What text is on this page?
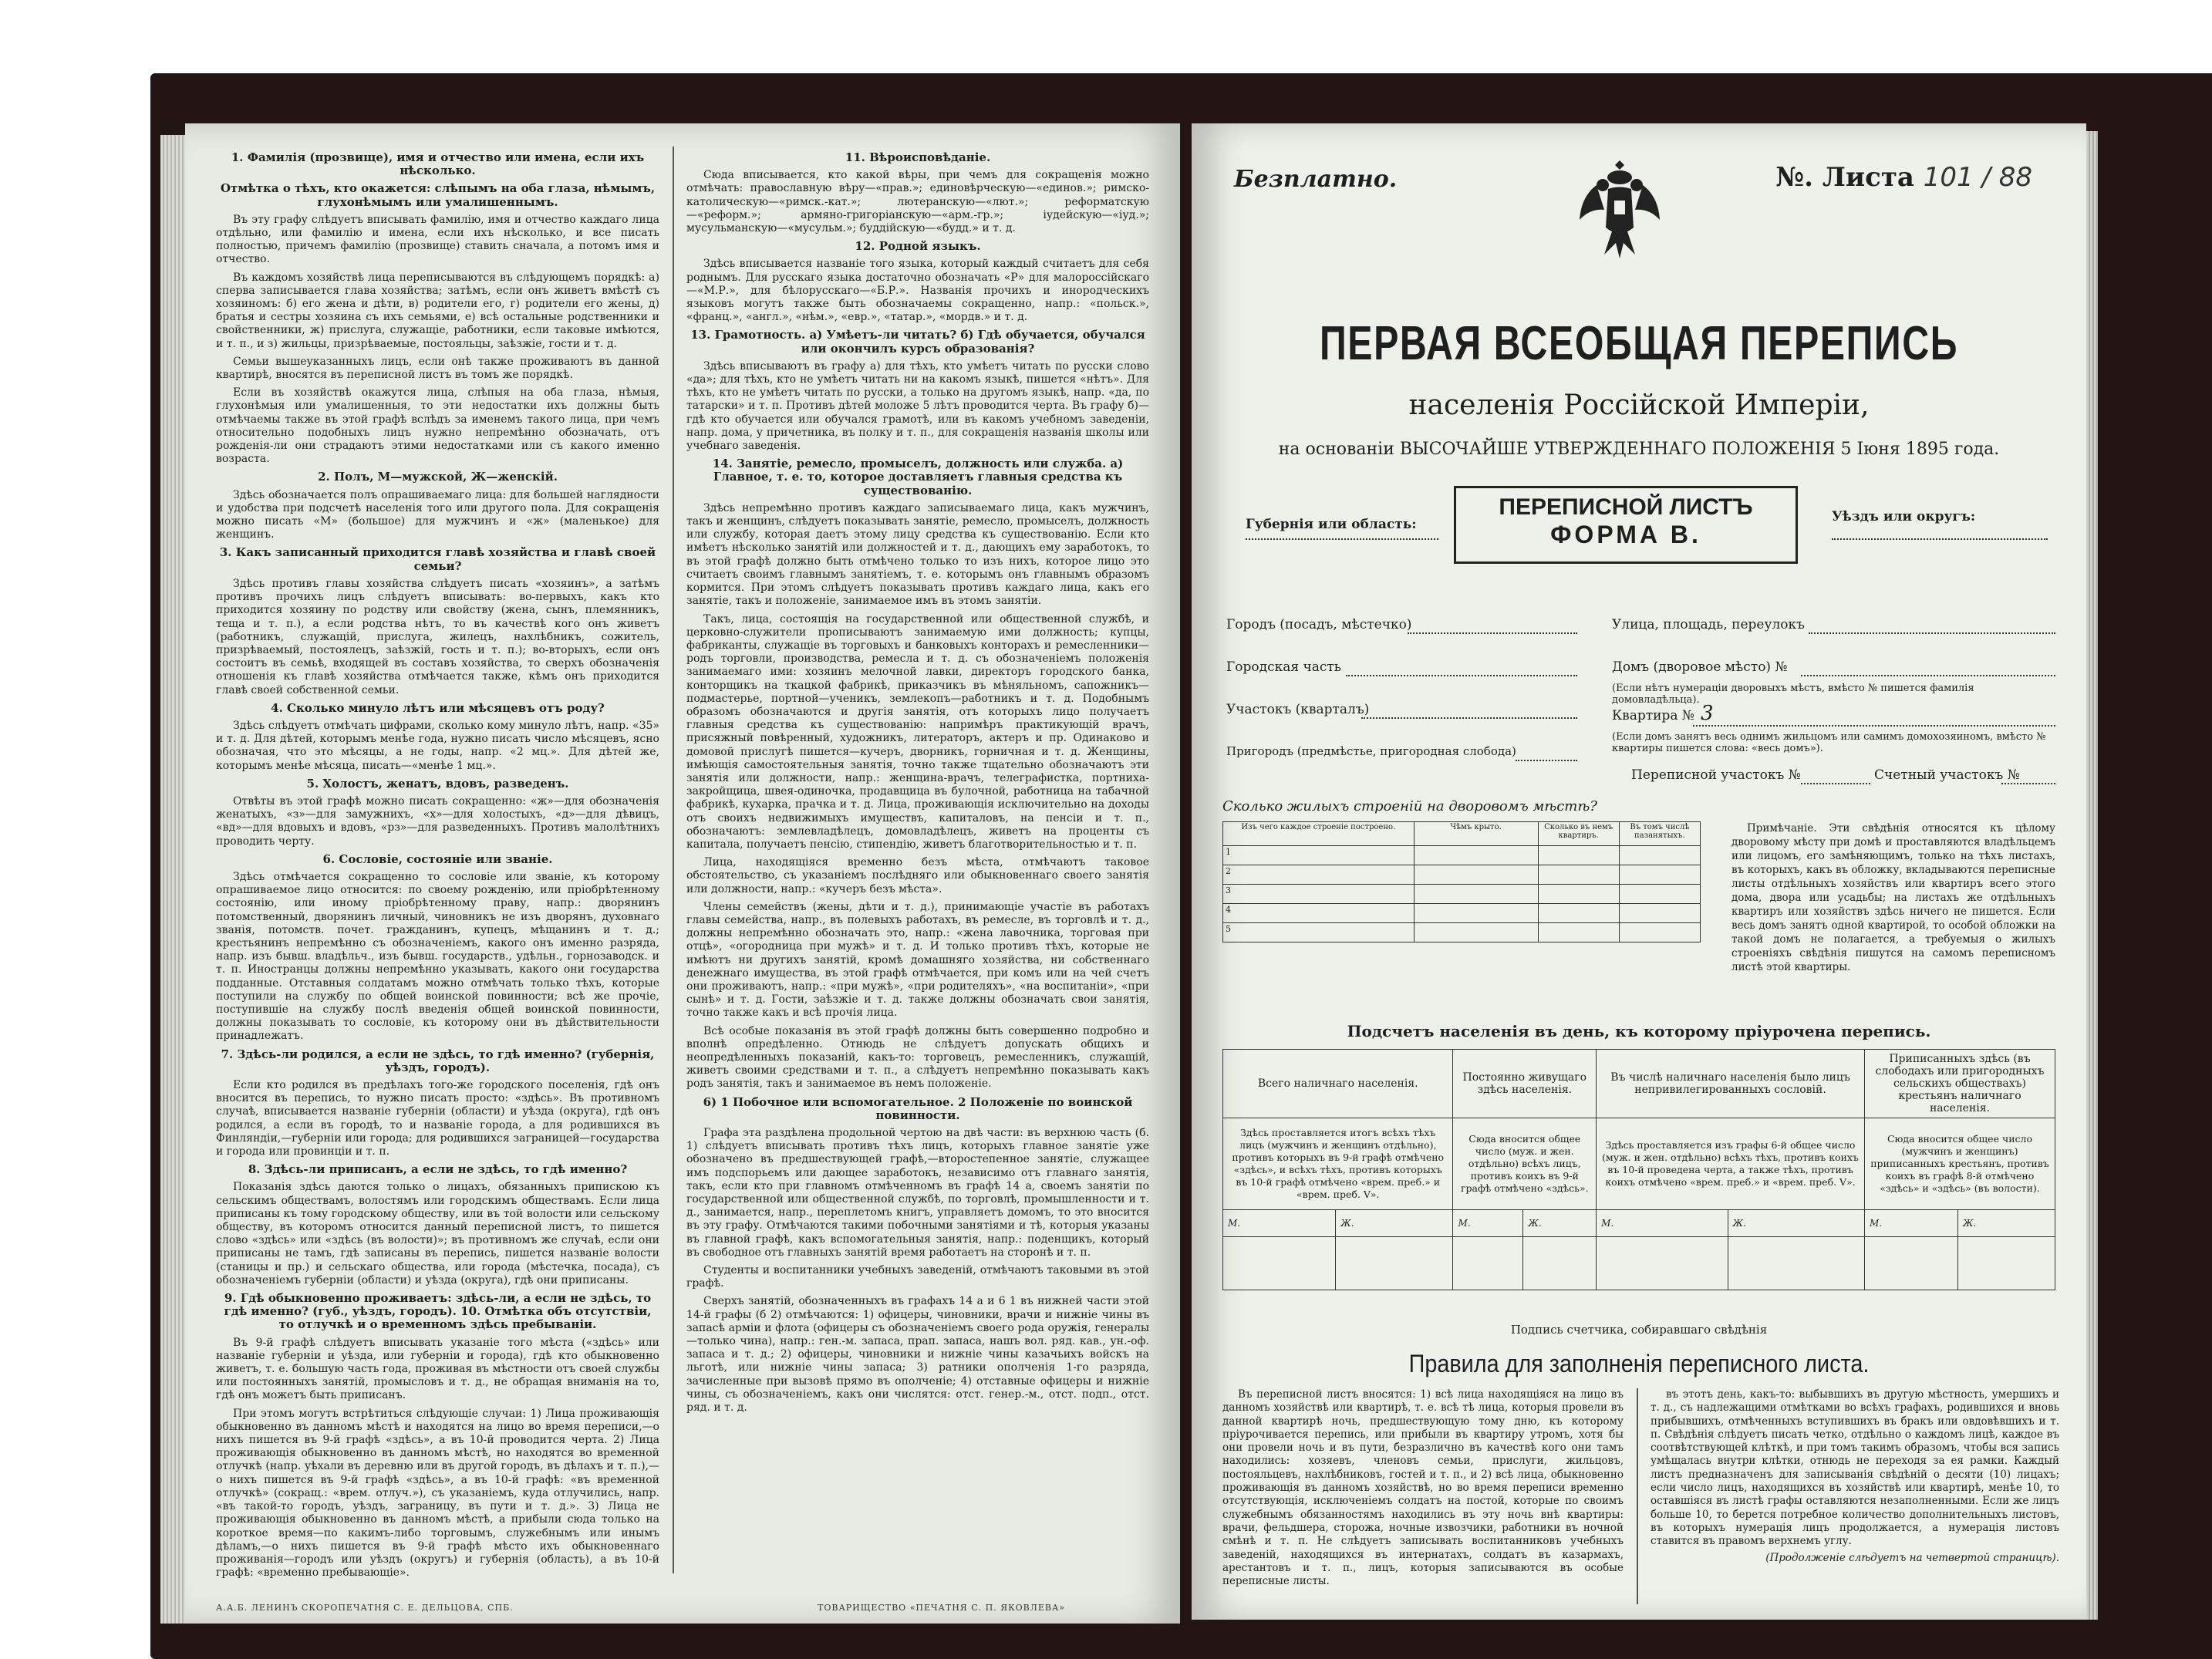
1. Фамилія (прозвище), имя и отчество или имена, если ихъ нѣсколько.
Отмѣтка о тѣхъ, кто окажется: слѣпымъ на оба глаза, нѣмымъ, глухонѣмымъ или умалишеннымъ.

Въ эту графу слѣдуетъ вписывать фамилію, имя и отчество каждаго лица отдѣльно, или фамилію и имена, если ихъ нѣсколько, и все писать полностью, причемъ фамилію (прозвище) ставить сначала, а потомъ имя и отчество.

Въ каждомъ хозяйствѣ лица переписываются въ слѣдующемъ порядкѣ: а) сперва записывается глава хозяйства; затѣмъ, если онъ живетъ вмѣстѣ съ хозяиномъ: б) его жена и дѣти, в) родители его, г) родители его жены, д) братья и сестры хозяина съ ихъ семьями, е) всѣ остальные родственники и свойственники, ж) прислуга, служащіе, работники, если таковые имѣются, и т. п., и з) жильцы, призрѣваемые, постояльцы, заѣзжіе, гости и т. д.

Семьи вышеуказанныхъ лицъ, если онѣ также проживаютъ въ данной квартирѣ, вносятся въ переписной листъ въ томъ же порядкѣ.

Если въ хозяйствѣ окажутся лица, слѣпыя на оба глаза, нѣмыя, глухонѣмыя или умалишенныя, то эти недостатки ихъ должны быть отмѣчаемы также въ этой графѣ вслѣдъ за именемъ такого лица, при чемъ относительно подобныхъ лицъ нужно непремѣнно обозначать, отъ рожденія-ли они страдаютъ этими недостатками или съ какого именно возраста.

2. Полъ, М—мужской, Ж—женскій.

Здѣсь обозначается полъ опрашиваемаго лица: для большей наглядности и удобства при подсчетѣ населенія того или другого пола. Для сокращенія можно писать «М» (большое) для мужчинъ и «ж» (маленькое) для женщинъ.

3. Какъ записанный приходится главѣ хозяйства и главѣ своей семьи?

Здѣсь противъ главы хозяйства слѣдуетъ писать «хозяинъ», а затѣмъ противъ прочихъ лицъ слѣдуетъ вписывать: во-первыхъ, какъ кто приходится хозяину по родству или свойству (жена, сынъ, племянникъ, теща и т. п.), а если родства нѣтъ, то въ качествѣ кого онъ живетъ (работникъ, служащій, прислуга, жилецъ, нахлѣбникъ, сожитель, призрѣваемый, постоялецъ, заѣзжій, гость и т. п.); во-вторыхъ, если онъ состоитъ въ семьѣ, входящей въ составъ хозяйства, то сверхъ обозначенія отношенія къ главѣ хозяйства отмѣчается также, кѣмъ онъ приходится главѣ своей собственной семьи.

4. Сколько минуло лѣтъ или мѣсяцевъ отъ роду?

Здѣсь слѣдуетъ отмѣчать цифрами, сколько кому минуло лѣтъ, напр. «35» и т. д. Для дѣтей, которымъ менѣе года, нужно писать число мѣсяцевъ, ясно обозначая, что это мѣсяцы, а не годы, напр. «2 мц.». Для дѣтей же, которымъ менѣе мѣсяца, писать—«менѣе 1 мц.».

5. Холостъ, женатъ, вдовъ, разведенъ.

Отвѣты въ этой графѣ можно писать сокращенно: «ж»—для обозначенія женатыхъ, «з»—для замужнихъ, «х»—для холостыхъ, «д»—для дѣвицъ, «вд»—для вдовыхъ и вдовъ, «рз»—для разведенныхъ. Противъ малолѣтнихъ проводить черту.

6. Сословіе, состояніе или званіе.

Здѣсь отмѣчается сокращенно то сословіе или званіе, къ которому опрашиваемое лицо относится: по своему рожденію, или пріобрѣтенному состоянію, или иному пріобрѣтенному праву, напр.: дворянинъ потомственный, дворянинъ личный, чиновникъ не изъ дворянъ, духовнаго званія, потомств. почет. гражданинъ, купецъ, мѣщанинъ и т. д.; крестьянинъ непремѣнно съ обозначеніемъ, какого онъ именно разряда, напр. изъ бывш. владѣльч., изъ бывш. государств., удѣльн., горнозаводск. и т. п. Иностранцы должны непремѣнно указывать, какого они государства подданные. Отставныя солдатамъ можно отмѣчать только тѣхъ, которые поступили на службу по общей воинской повинности; всѣ же прочіе, поступившіе на службу послѣ введенія общей воинской повинности, должны показывать то сословіе, къ которому они въ дѣйствительности принадлежатъ.

7. Здѣсь-ли родился, а если не здѣсь, то гдѣ именно? (губернія, уѣздъ, городъ).

Если кто родился въ предѣлахъ того-же городского поселенія, гдѣ онъ вносится въ перепись, то нужно писать просто: «здѣсь». Въ противномъ случаѣ, вписывается названіе губерніи (области) и уѣзда (округа), гдѣ онъ родился, а если въ городѣ, то и названіе города, а для родившихся въ Финляндіи,—губерніи или города; для родившихся заграницей—государства и города или провинціи и т. п.

8. Здѣсь-ли приписанъ, а если не здѣсь, то гдѣ именно?

Показанія здѣсь даются только о лицахъ, обязанныхъ припискою къ сельскимъ обществамъ, волостямъ или городскимъ обществамъ. Если лица приписаны къ тому городскому обществу, или въ той волости или сельскому обществу, въ которомъ относится данный переписной листъ, то пишется слово «здѣсь» или «здѣсь (въ волости)»; въ противномъ же случаѣ, если они приписаны не тамъ, гдѣ записаны въ перепись, пишется названіе волости (станицы и пр.) и сельскаго общества, или города (мѣстечка, посада), съ обозначеніемъ губерніи (области) и уѣзда (округа), гдѣ они приписаны.

9. Гдѣ обыкновенно проживаетъ: здѣсь-ли, а если не здѣсь, то гдѣ именно? (губ., уѣздъ, городъ). 10. Отмѣтка объ отсутствіи, то отлучкѣ и о временномъ здѣсь пребываніи.

Въ 9-й графѣ слѣдуетъ вписывать указаніе того мѣста («здѣсь» или названіе губерніи и уѣзда, или губерніи и города), гдѣ кто обыкновенно живетъ, т. е. большую часть года, проживая въ мѣстности отъ своей службы или постоянныхъ занятій, промысловъ и т. д., не обращая вниманія на то, гдѣ онъ можетъ быть приписанъ.

При этомъ могутъ встрѣтиться слѣдующіе случаи: 1) Лица проживающія обыкновенно въ данномъ мѣстѣ и находятся на лицо во время переписи,—о нихъ пишется въ 9-й графѣ «здѣсь», а въ 10-й проводится черта. 2) Лица проживающія обыкновенно въ данномъ мѣстѣ, но находятся во временной отлучкѣ (напр. уѣхали въ деревню или въ другой городъ, въ дѣлахъ и т. п.),—о нихъ пишется въ 9-й графѣ «здѣсь», а въ 10-й графѣ: «въ временной отлучкѣ» (сокращ.: «врем. отлуч.»), съ указаніемъ, куда отлучились, напр. «въ такой-то городъ, уѣздъ, заграницу, въ пути и т. д.». 3) Лица не проживающія обыкновенно въ данномъ мѣстѣ, а прибыли сюда только на короткое время—по какимъ-либо торговымъ, служебнымъ или инымъ дѣламъ,—о нихъ пишется въ 9-й графѣ мѣсто ихъ обыкновеннаго проживанія—городъ или уѣздъ (округъ) и губернія (область), а въ 10-й графѣ: «временно пребывающіе».

11. Вѣроисповѣданіе.

Сюда вписывается, кто какой вѣры, при чемъ для сокращенія можно отмѣчать: православную вѣру—«прав.»; единовѣрческую—«единов.»; римско-католическую—«римск.-кат.»; лютеранскую—«лют.»; реформатскую—«реформ.»; армяно-григоріанскую—«арм.-гр.»; іудейскую—«іуд.»; мусульманскую—«мусульм.»; буддійскую—«будд.» и т. д.

12. Родной языкъ.

Здѣсь вписывается названіе того языка, который каждый считаетъ для себя роднымъ. Для русскаго языка достаточно обозначать «Р» для малороссійскаго—«М.Р.», для бѣлорусскаго—«Б.Р.». Названія прочихъ и инородческихъ языковъ могутъ также быть обозначаемы сокращенно, напр.: «польск.», «франц.», «англ.», «нѣм.», «евр.», «татар.», «мордв.» и т. д.

13. Грамотность. а) Умѣетъ-ли читать? б) Гдѣ обучается, обучался или окончилъ курсъ образованія?

Здѣсь вписываютъ въ графу а) для тѣхъ, кто умѣетъ читать по русски слово «да»; для тѣхъ, кто не умѣетъ читать ни на какомъ языкѣ, пишется «нѣтъ». Для тѣхъ, кто не умѣетъ читать по русски, а только на другомъ языкѣ, напр. «да, по татарски» и т. п. Противъ дѣтей моложе 5 лѣтъ проводится черта. Въ графу б)—гдѣ кто обучается или обучался грамотѣ, или въ какомъ учебномъ заведеніи, напр. дома, у причетника, въ полку и т. п., для сокращенія названія школы или учебнаго заведенія.

14. Занятіе, ремесло, промыселъ, должность или служба. а) Главное, т. е. то, которое доставляетъ главныя средства къ существованію.

Здѣсь непремѣнно противъ каждаго записываемаго лица, какъ мужчинъ, такъ и женщинъ, слѣдуетъ показывать занятіе, ремесло, промыселъ, должность или службу, которая даетъ этому лицу средства къ существованію. Если кто имѣетъ нѣсколько занятій или должностей и т. д., дающихъ ему заработокъ, то въ этой графѣ должно быть отмѣчено только то изъ нихъ, которое лицо это считаетъ своимъ главнымъ занятіемъ, т. е. которымъ онъ главнымъ образомъ кормится. При этомъ слѣдуетъ показывать противъ каждаго лица, какъ его занятіе, такъ и положеніе, занимаемое имъ въ этомъ занятіи.

Такъ, лица, состоящія на государственной или общественной службѣ, и церковно-служители прописываютъ занимаемую ими должность; купцы, фабриканты, служащіе въ торговыхъ и банковыхъ конторахъ и ремесленники—родъ торговли, производства, ремесла и т. д. съ обозначеніемъ положенія занимаемаго ими: хозяинъ мелочной лавки, директоръ городского банка, конторщикъ на ткацкой фабрикѣ, приказчикъ въ мѣняльномъ, сапожникъ—подмастерье, портной—ученикъ, землекопъ—работникъ и т. д. Подобнымъ образомъ обозначаются и другія занятія, отъ которыхъ лицо получаетъ главныя средства къ существованію: напримѣръ практикующій врачъ, присяжный повѣренный, художникъ, литераторъ, актеръ и пр. Одинаково и домовой прислугѣ пишется—кучеръ, дворникъ, горничная и т. д. Женщины, имѣющія самостоятельныя занятія, точно также тщательно обозначаютъ эти занятія или должности, напр.: женщина-врачъ, телеграфистка, портниха-закройщица, швея-одиночка, продавщица въ булочной, работница на табачной фабрикѣ, кухарка, прачка и т. д. Лица, проживающія исключительно на доходы отъ своихъ недвижимыхъ имуществъ, капиталовъ, на пенсіи и т. п., обозначаютъ: землевладѣлецъ, домовладѣлецъ, живетъ на проценты съ капитала, получаетъ пенсію, стипендію, живетъ благотворительностью и т. п.

Лица, находящіяся временно безъ мѣста, отмѣчаютъ таковое обстоятельство, съ указаніемъ послѣдняго или обыкновеннаго своего занятія или должности, напр.: «кучеръ безъ мѣста».

Члены семействъ (жены, дѣти и т. д.), принимающіе участіе въ работахъ главы семейства, напр., въ полевыхъ работахъ, въ ремесле, въ торговлѣ и т. д., должны непремѣнно обозначать это, напр.: «жена лавочника, торговая при отцѣ», «огородница при мужѣ» и т. д. И только противъ тѣхъ, которые не имѣютъ ни другихъ занятій, кромѣ домашняго хозяйства, ни собственнаго денежнаго имущества, въ этой графѣ отмѣчается, при комъ или на чей счетъ они проживаютъ, напр.: «при мужѣ», «при родителяхъ», «на воспитаніи», «при сынѣ» и т. д. Гости, заѣзжіе и т. д. также должны обозначать свои занятія, точно также какъ и всѣ прочія лица.

Всѣ особые показанія въ этой графѣ должны быть совершенно подробно и вполнѣ опредѣленно. Отнюдь не слѣдуетъ допускать общихъ и неопредѣленныхъ показаній, какъ-то: торговецъ, ремесленникъ, служащій, живетъ своими средствами и т. п., а слѣдуетъ непремѣнно показывать какъ родъ занятія, такъ и занимаемое въ немъ положеніе.

6) 1 Побочное или вспомогательное. 2 Положеніе по воинской повинности.

Графа эта раздѣлена продольной чертою на двѣ части: въ верхнюю часть (б. 1) слѣдуетъ вписывать противъ тѣхъ лицъ, которыхъ главное занятіе уже обозначено въ предшествующей графѣ,—второстепенное занятіе, служащее имъ подспорьемъ или дающее заработокъ, независимо отъ главнаго занятія, такъ, если кто при главномъ отмѣченномъ въ графѣ 14 а, своемъ занятіи по государственной или общественной службѣ, по торговлѣ, промышленности и т. д., занимается, напр., переплетомъ книгъ, управляетъ домомъ, то это вносится въ эту графу. Отмѣчаются такими побочными занятіями и тѣ, которыя указаны въ главной графѣ, какъ вспомогательныя занятія, напр.: поденщикъ, который въ свободное отъ главныхъ занятій время работаетъ на сторонѣ и т. п.

Студенты и воспитанники учебныхъ заведеній, отмѣчаютъ таковыми въ этой графѣ.

Сверхъ занятій, обозначенныхъ въ графахъ 14 а и 6 1 въ нижней части этой 14-й графы (б 2) отмѣчаются: 1) офицеры, чиновники, врачи и нижніе чины въ запасѣ арміи и флота (офицеры съ обозначеніемъ своего рода оружія, генералы—только чина), напр.: ген.-м. запаса, прап. запаса, нашъ вол. ряд. кав., ун.-оф. запаса и т. д.; 2) офицеры, чиновники и нижніе чины казачьихъ войскъ на льготѣ, или нижніе чины запаса; 3) ратники ополченія 1-го разряда, зачисленные при вызовѣ прямо въ ополченіе; 4) отставные офицеры и нижніе чины, съ обозначеніемъ, какъ они числятся: отст. генер.-м., отст. подп., отст. ряд. и т. д.

А.А.Б. ЛЕНИНЪ СКОРОПЕЧАТНЯ С. Е. ДЕЛЬЦОВА, СПБ.	ТОВАРИЩЕСТВО «ПЕЧАТНЯ С. П. ЯКОВЛЕВА»
Безплатно.	№. Листа 101 / 88
ПЕРВАЯ ВСЕОБЩАЯ ПЕРЕПИСЬ
населенія Россійской Имперіи,
на основаніи ВЫСОЧАЙШЕ УТВЕРЖДЕННАГО ПОЛОЖЕНІЯ 5 Іюня 1895 года.
Губернія или область:
ПЕРЕПИСНОЙ ЛИСТЪ
ФОРМА В.
Уѣздъ или округъ:
Городъ (посадъ, мѣстечко)
Городская часть
Участокъ (кварталъ)
Пригородъ (предмѣстье, пригородная слобода)
Улица, площадь, переулокъ
Домъ (дворовое мѣсто) №
(Если нѣтъ нумераціи дворовыхъ мѣстъ, вмѣсто № пишется фамилія домовладѣльца).
Квартира № 3
(Если домъ занятъ весь однимъ жильцомъ или самимъ домохозяиномъ, вмѣсто № квартиры пишется слова: «весь домъ»).
Переписной участокъ №	Счетный участокъ №
Сколько жилыхъ строеній на дворовомъ мѣстѣ?
Изъ чего каждое строеніе построено.	Чѣмъ крыто.	Сколько въ немъ квартиръ.	Въ томъ числѣ пазанятыхъ.
1			
2			
3			
4			
5			
Примѣчаніе. Эти свѣдѣнія относятся къ цѣлому дворовому мѣсту при домѣ и проставляются владѣльцемъ или лицомъ, его замѣняющимъ, только на тѣхъ листахъ, въ которыхъ, какъ въ обложку, вкладываются переписные листы отдѣльныхъ хозяйствъ или квартиръ всего этого дома, двора или усадьбы; на листахъ же отдѣльныхъ квартиръ или хозяйствъ здѣсь ничего не пишется. Если весь домъ занятъ одной квартирой, то особой обложки на такой домъ не полагается, а требуемыя о жилыхъ строеніяхъ свѣдѣнія пишутся на самомъ переписномъ листѣ этой квартиры.
Подсчетъ населенія въ день, къ которому пріурочена перепись.
Всего наличнаго населенія.		Постоянно живущаго здѣсь населенія.		Въ числѣ наличнаго населенія было лицъ непривилегированныхъ сословій.		Приписанныхъ здѣсь (въ слободахъ или пригородныхъ сельскихъ обществахъ) крестьянъ наличнаго населенія.	
Здѣсь проставляется итогъ всѣхъ тѣхъ лицъ (мужчинъ и женщинъ отдѣльно), противъ которыхъ въ 9-й графѣ отмѣчено «здѣсь», и всѣхъ тѣхъ, противъ которыхъ въ 10-й графѣ отмѣчено «врем. преб.» и «врем. преб. V».		Сюда вносится общее число (муж. и жен. отдѣльно) всѣхъ лицъ, противъ коихъ въ 9-й графѣ отмѣчено «здѣсь».		Здѣсь проставляется изъ графы 6-й общее число (муж. и жен. отдѣльно) всѣхъ тѣхъ, противъ коихъ въ 10-й проведена черта, а также тѣхъ, противъ коихъ отмѣчено «врем. преб.» и «врем. преб. V».		Сюда вносится общее число (мужчинъ и женщинъ) приписанныхъ крестьянъ, противъ коихъ въ графѣ 8-й отмѣчено «здѣсь» и «здѣсь» (въ волости).	
М.	Ж.	М.	Ж.	М.	Ж.	М.	Ж.

Подпись счетчика, собиравшаго свѣдѣнія
Правила для заполненія переписного листа.

Въ переписной листъ вносятся: 1) всѣ лица находящіяся на лицо въ данномъ хозяйствѣ или квартирѣ, т. е. всѣ тѣ лица, которыя провели въ данной квартирѣ ночь, предшествующую тому дню, къ которому пріурочивается перепись, или прибыли въ квартиру утромъ, хотя бы они провели ночь и въ пути, безразлично въ качествѣ кого они тамъ находились: хозяевъ, членовъ семьи, прислуги, жильцовъ, постояльцевъ, нахлѣбниковъ, гостей и т. п., и 2) всѣ лица, обыкновенно проживающія въ данномъ хозяйствѣ, но во время переписи временно отсутствующія, исключеніемъ солдатъ на постой, которые по своимъ служебнымъ обязанностямъ находились въ эту ночь внѣ квартиры: врачи, фельдшера, сторожа, ночные извозчики, работники въ ночной смѣнѣ и т. п. Не слѣдуетъ записывать воспитанниковъ учебныхъ заведеній, находящихся въ интернатахъ, солдатъ въ казармахъ, арестантовъ и т. п., лицъ, которыя записываются въ особые переписные листы.

въ этотъ день, какъ-то: выбывшихъ въ другую мѣстность, умершихъ и т. д., съ надлежащими отмѣтками во всѣхъ графахъ, родившихся и вновь прибывшихъ, отмѣченныхъ вступившихъ въ бракъ или овдовѣвшихъ и т. п. Свѣдѣнія слѣдуетъ писать четко, отдѣльно о каждомъ лицѣ, каждое въ соотвѣтствующей клѣткѣ, и при томъ такимъ образомъ, чтобы вся запись умѣщалась внутри клѣтки, отнюдь не переходя за ея рамки. Каждый листъ предназначенъ для записыванія свѣдѣній о десяти (10) лицахъ; если число лицъ, находящихся въ хозяйствѣ или квартирѣ, менѣе 10, то оставшіяся въ листѣ графы оставляются незаполненными. Если же лицъ больше 10, то берется потребное количество дополнительныхъ листовъ, въ которыхъ нумерація лицъ продолжается, а нумерація листовъ ставится въ правомъ верхнемъ углу.

(Продолженіе слѣдуетъ на четвертой страницѣ).
